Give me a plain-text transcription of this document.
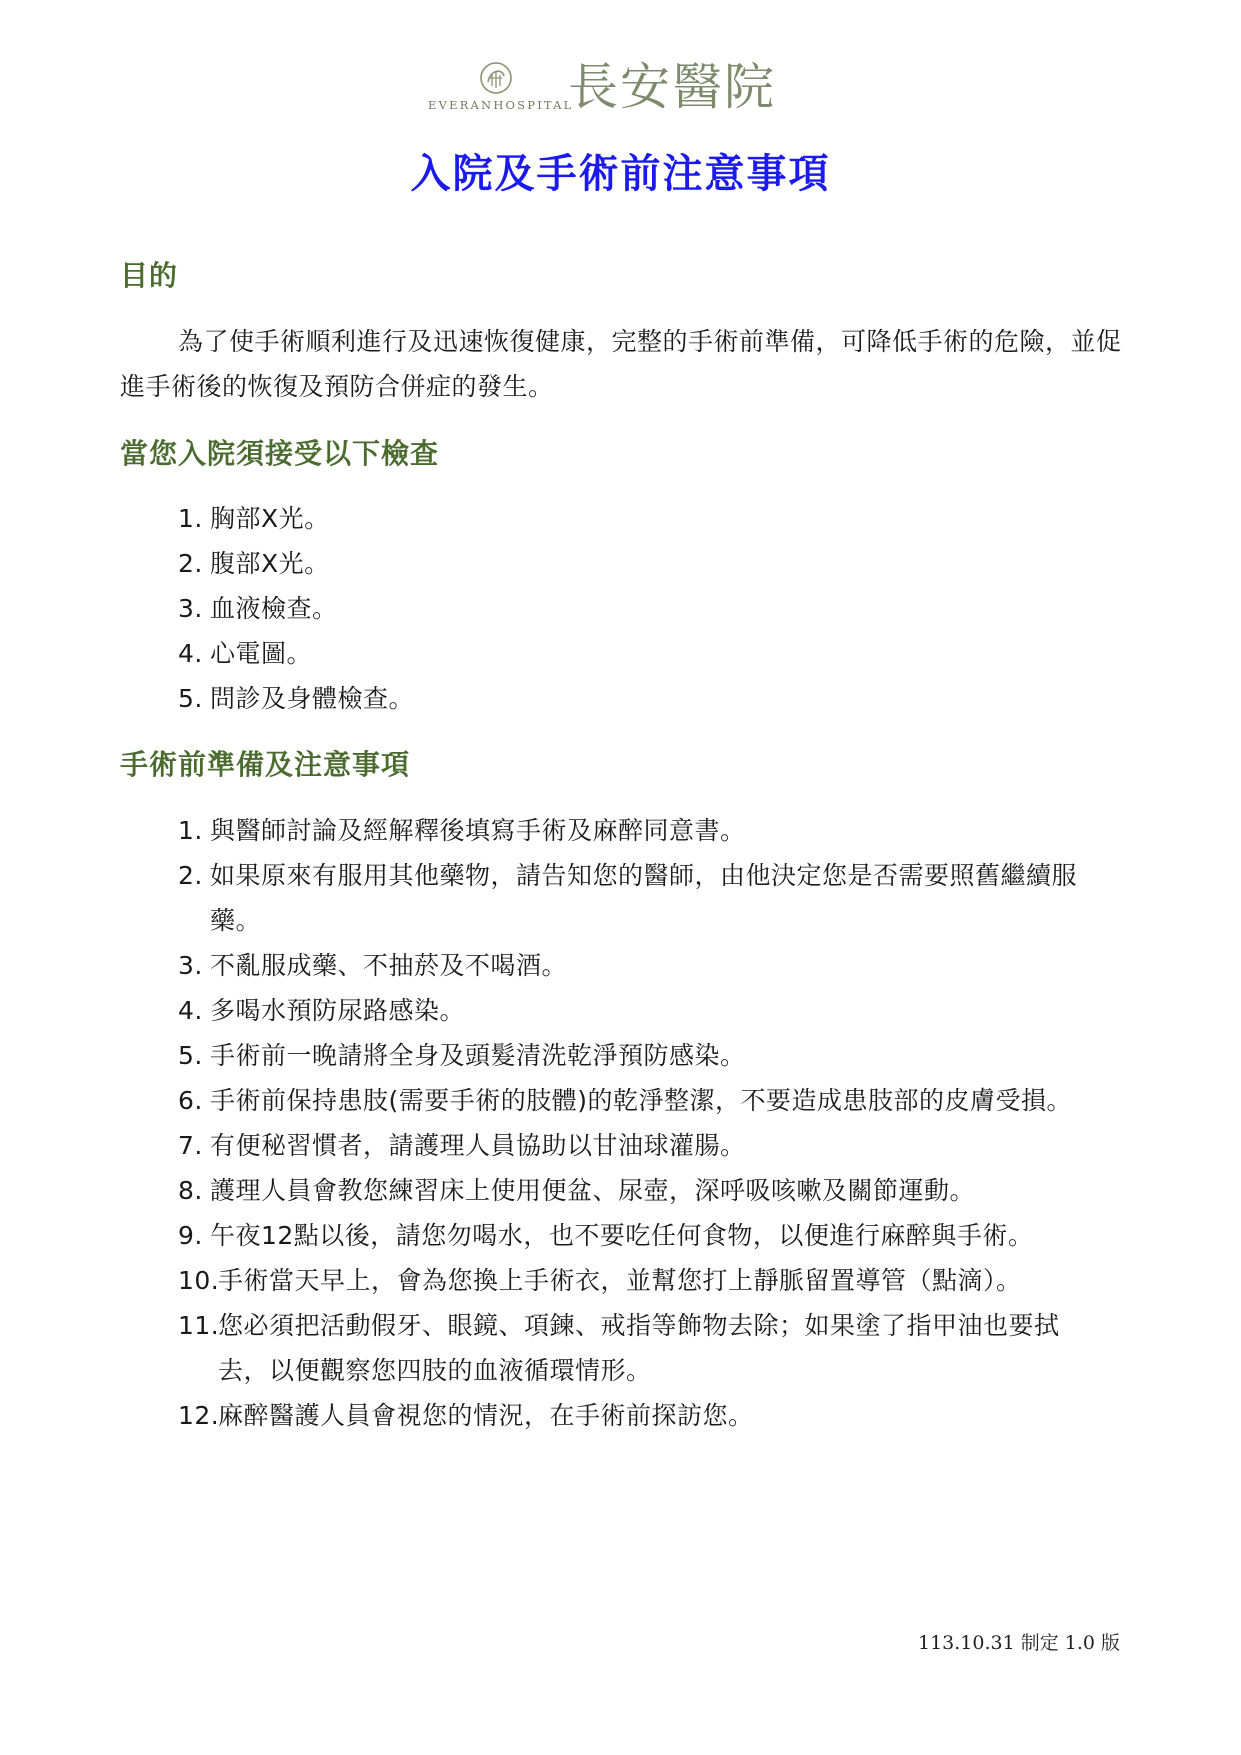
EVERANHOSPITAL
長安醫院
入院及手術前注意事項
目的
為了使手術順利進行及迅速恢復健康，完整的手術前準備，可降低手術的危險，並促進手術後的恢復及預防合併症的發生。
當您入院須接受以下檢查
1. 胸部X光。
2. 腹部X光。
3. 血液檢查。
4. 心電圖。
5. 問診及身體檢查。
手術前準備及注意事項
1. 與醫師討論及經解釋後填寫手術及麻醉同意書。
2. 如果原來有服用其他藥物，請告知您的醫師，由他決定您是否需要照舊繼續服藥。
3. 不亂服成藥、不抽菸及不喝酒。
4. 多喝水預防尿路感染。
5. 手術前一晚請將全身及頭髮清洗乾淨預防感染。
6. 手術前保持患肢(需要手術的肢體)的乾淨整潔，不要造成患肢部的皮膚受損。
7. 有便秘習慣者，請護理人員協助以甘油球灌腸。
8. 護理人員會教您練習床上使用便盆、尿壺，深呼吸咳嗽及關節運動。
9. 午夜12點以後，請您勿喝水，也不要吃任何食物，以便進行麻醉與手術。
10.
手術當天早上，會為您換上手術衣，並幫您打上靜脈留置導管（點滴）。
11.
您必須把活動假牙、眼鏡、項鍊、戒指等飾物去除；如果塗了指甲油也要拭去，以便觀察您四肢的血液循環情形。
12.
麻醉醫護人員會視您的情況，在手術前探訪您。
113.10.31 制定 1.0 版
